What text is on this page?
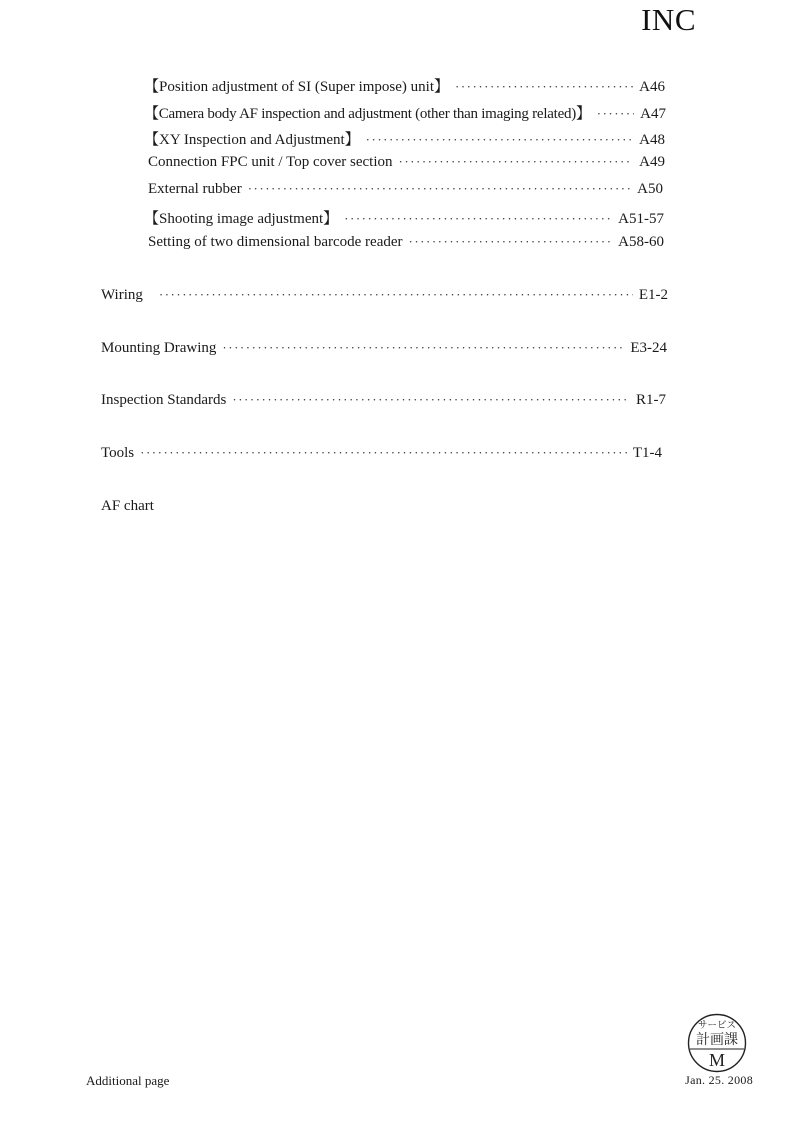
INC
【Position adjustment of SI (Super impose) unit】 ·····	A46
【Camera body AF inspection and adjustment (other than imaging related)】 ·····	A47
【XY Inspection and Adjustment】 ·····	A48
Connection FPC unit / Top cover section ·····	A49
External rubber ·····	A50
【Shooting image adjustment】 ·····	A51-57
Setting of two dimensional barcode reader ·····	A58-60
Wiring ·····	E1-2
Mounting Drawing ·····	E3-24
Inspection Standards ·····	R1-7
Tools ·····	T1-4
AF chart
サービス
計画課
M
Additional page	Jan. 25. 2008
